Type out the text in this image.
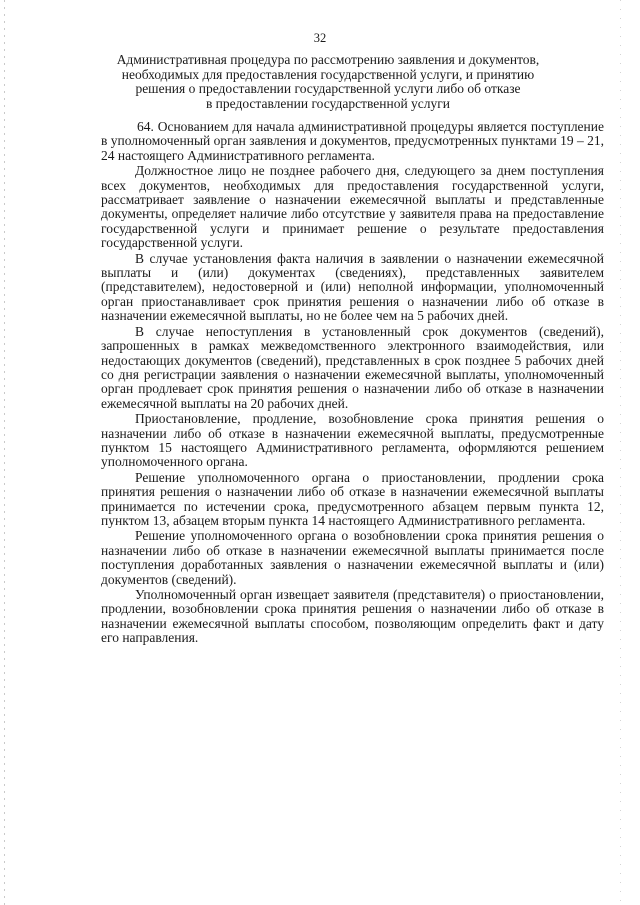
32
Административная процедура по рассмотрению заявления и документов,
необходимых для предоставления государственной услуги, и принятию
решения о предоставлении государственной услуги либо об отказе
в предоставлении государственной услуги

64. Основанием для начала административной процедуры является поступление в уполномоченный орган заявления и документов, предусмотренных пунктами 19 – 21, 24 настоящего Административного регламента.

Должностное лицо не позднее рабочего дня, следующего за днем поступления всех документов, необходимых для предоставления государственной услуги, рассматривает заявление о назначении ежемесячной выплаты и представленные документы, определяет наличие либо отсутствие у заявителя права на предоставление государственной услуги и принимает решение о результате предоставления государственной услуги.

В случае установления факта наличия в заявлении о назначении ежемесячной выплаты и (или) документах (сведениях), представленных заявителем (представителем), недостоверной и (или) неполной информации, уполномоченный орган приостанавливает срок принятия решения о назначении либо об отказе в назначении ежемесячной выплаты, но не более чем на 5 рабочих дней.

В случае непоступления в установленный срок документов (сведений), запрошенных в рамках межведомственного электронного взаимодействия, или недостающих документов (сведений), представленных в срок позднее 5 рабочих дней со дня регистрации заявления о назначении ежемесячной выплаты, уполномоченный орган продлевает срок принятия решения о назначении либо об отказе в назначении ежемесячной выплаты на 20 рабочих дней.

Приостановление, продление, возобновление срока принятия решения о назначении либо об отказе в назначении ежемесячной выплаты, предусмотренные пунктом 15 настоящего Административного регламента, оформляются решением уполномоченного органа.

Решение уполномоченного органа о приостановлении, продлении срока принятия решения о назначении либо об отказе в назначении ежемесячной выплаты принимается по истечении срока, предусмотренного абзацем первым пункта 12, пунктом 13, абзацем вторым пункта 14 настоящего Административного регламента.

Решение уполномоченного органа о возобновлении срока принятия решения о назначении либо об отказе в назначении ежемесячной выплаты принимается после поступления доработанных заявления о назначении ежемесячной выплаты и (или) документов (сведений).

Уполномоченный орган извещает заявителя (представителя) о приостановлении, продлении, возобновлении срока принятия решения о назначении либо об отказе в назначении ежемесячной выплаты способом, позволяющим определить факт и дату его направления.
